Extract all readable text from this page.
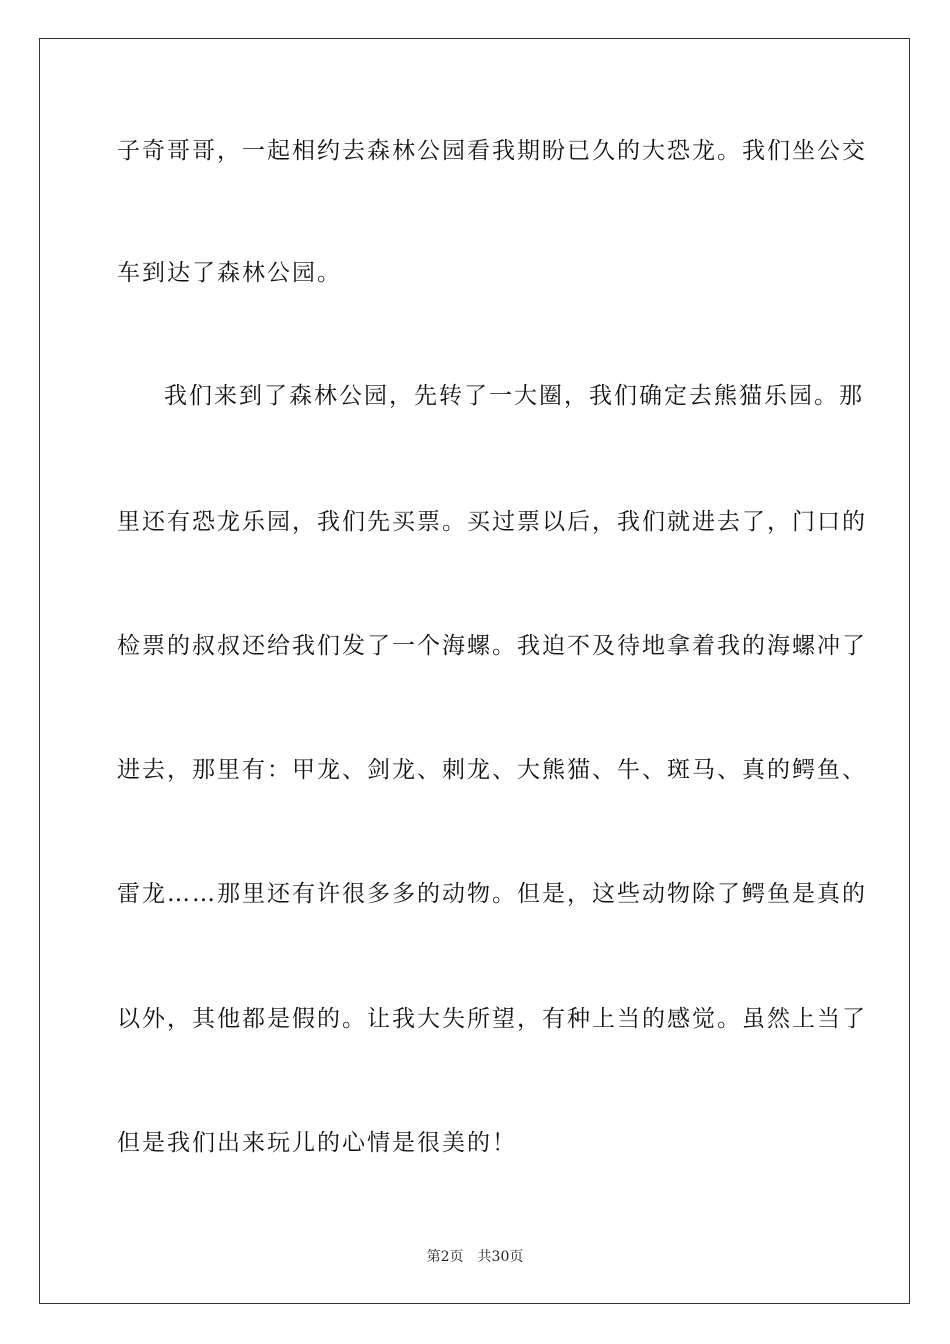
子奇哥哥，一起相约去森林公园看我期盼已久的大恐龙。我们坐公交
车到达了森林公园。
我们来到了森林公园，先转了一大圈，我们确定去熊猫乐园。那
里还有恐龙乐园，我们先买票。买过票以后，我们就进去了，门口的
检票的叔叔还给我们发了一个海螺。我迫不及待地拿着我的海螺冲了
进去，那里有：甲龙、剑龙、刺龙、大熊猫、牛、斑马、真的鳄鱼、
雷龙……那里还有许很多多的动物。但是，这些动物除了鳄鱼是真的
以外，其他都是假的。让我大失所望，有种上当的感觉。虽然上当了
但是我们出来玩儿的心情是很美的！
第2页 共30页
